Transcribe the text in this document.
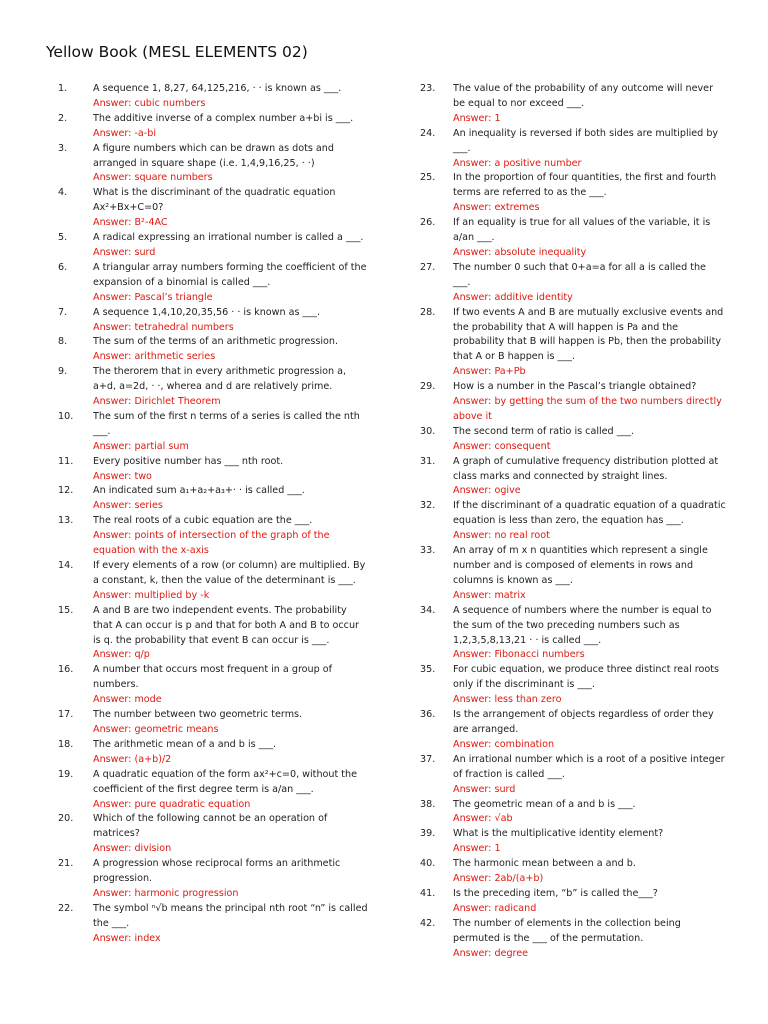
Yellow Book (MESL ELEMENTS 02)
1.	A sequence 1, 8,27, 64,125,216, · · is known as ___.
Answer: cubic numbers
2.	The additive inverse of a complex number a+bi is ___.
Answer: -a-bi
3.	A figure numbers which can be drawn as dots and arranged in square shape (i.e. 1,4,9,16,25, · ·)
Answer: square numbers
4.	What is the discriminant of the quadratic equation Ax²+Bx+C=0?
Answer: B²-4AC
5.	A radical expressing an irrational number is called a ___.
Answer: surd
6.	A triangular array numbers forming the coefficient of the expansion of a binomial is called ___.
Answer: Pascal’s triangle
7.	A sequence 1,4,10,20,35,56 · · is known as ___.
Answer: tetrahedral numbers
8.	The sum of the terms of an arithmetic progression.
Answer: arithmetic series
9.	The therorem that in every arithmetic progression a, a+d, a=2d, · ·, wherea and d are relatively prime.
Answer: Dirichlet Theorem
10.	The sum of the first n terms of a series is called the nth ___.
Answer: partial sum
11.	Every positive number has ___ nth root.
Answer: two
12.	An indicated sum a₁+a₂+a₃+· · is called ___.
Answer: series
13.	The real roots of a cubic equation are the ___.
Answer: points of intersection of the graph of the equation with the x-axis
14.	If every elements of a row (or column) are multiplied. By a constant, k, then the value of the determinant is ___.
Answer: multiplied by -k
15.	A and B are two independent events. The probability that A can occur is p and that for both A and B to occur is q. the probability that event B can occur is ___.
Answer: q/p
16.	A number that occurs most frequent in a group of numbers.
Answer: mode
17.	The number between two geometric terms.
Answer: geometric means
18.	The arithmetic mean of a and b is ___.
Answer: (a+b)/2
19.	A quadratic equation of the form ax²+c=0, without the coefficient of the first degree term is a/an ___.
Answer: pure quadratic equation
20.	Which of the following cannot be an operation of matrices?
Answer: division
21.	A progression whose reciprocal forms an arithmetic progression.
Answer: harmonic progression
22.	The symbol ⁿ√b means the principal nth root “n” is called the ___.
Answer: index
23.	The value of the probability of any outcome will never be equal to nor exceed ___.
Answer: 1
24.	An inequality is reversed if both sides are multiplied by ___.
Answer: a positive number
25.	In the proportion of four quantities, the first and fourth terms are referred to as the ___.
Answer: extremes
26.	If an equality is true for all values of the variable, it is a/an ___.
Answer: absolute inequality
27.	The number 0 such that 0+a=a for all a is called the ___.
Answer: additive identity
28.	If two events A and B are mutually exclusive events and the probability that A will happen is Pa and the probability that B will happen is Pb, then the probability that A or B happen is ___.
Answer: Pa+Pb
29.	How is a number in the Pascal’s triangle obtained?
Answer: by getting the sum of the two numbers directly above it
30.	The second term of ratio is called ___.
Answer: consequent
31.	A graph of cumulative frequency distribution plotted at class marks and connected by straight lines.
Answer: ogive
32.	If the discriminant of a quadratic equation of a quadratic equation is less than zero, the equation has ___.
Answer: no real root
33.	An array of m x n quantities which represent a single number and is composed of elements in rows and columns is known as ___.
Answer: matrix
34.	A sequence of numbers where the number is equal to the sum of the two preceding numbers such as 1,2,3,5,8,13,21 · · is called ___.
Answer: Fibonacci numbers
35.	For cubic equation, we produce three distinct real roots only if the discriminant is ___.
Answer: less than zero
36.	Is the arrangement of objects regardless of order they are arranged.
Answer: combination
37.	An irrational number which is a root of a positive integer of fraction is called ___.
Answer: surd
38.	The geometric mean of a and b is ___.
Answer: √ab
39.	What is the multiplicative identity element?
Answer: 1
40.	The harmonic mean between a and b.
Answer: 2ab/(a+b)
41.	Is the preceding item, “b” is called the___?
Answer: radicand
42.	The number of elements in the collection being permuted is the ___ of the permutation.
Answer: degree
